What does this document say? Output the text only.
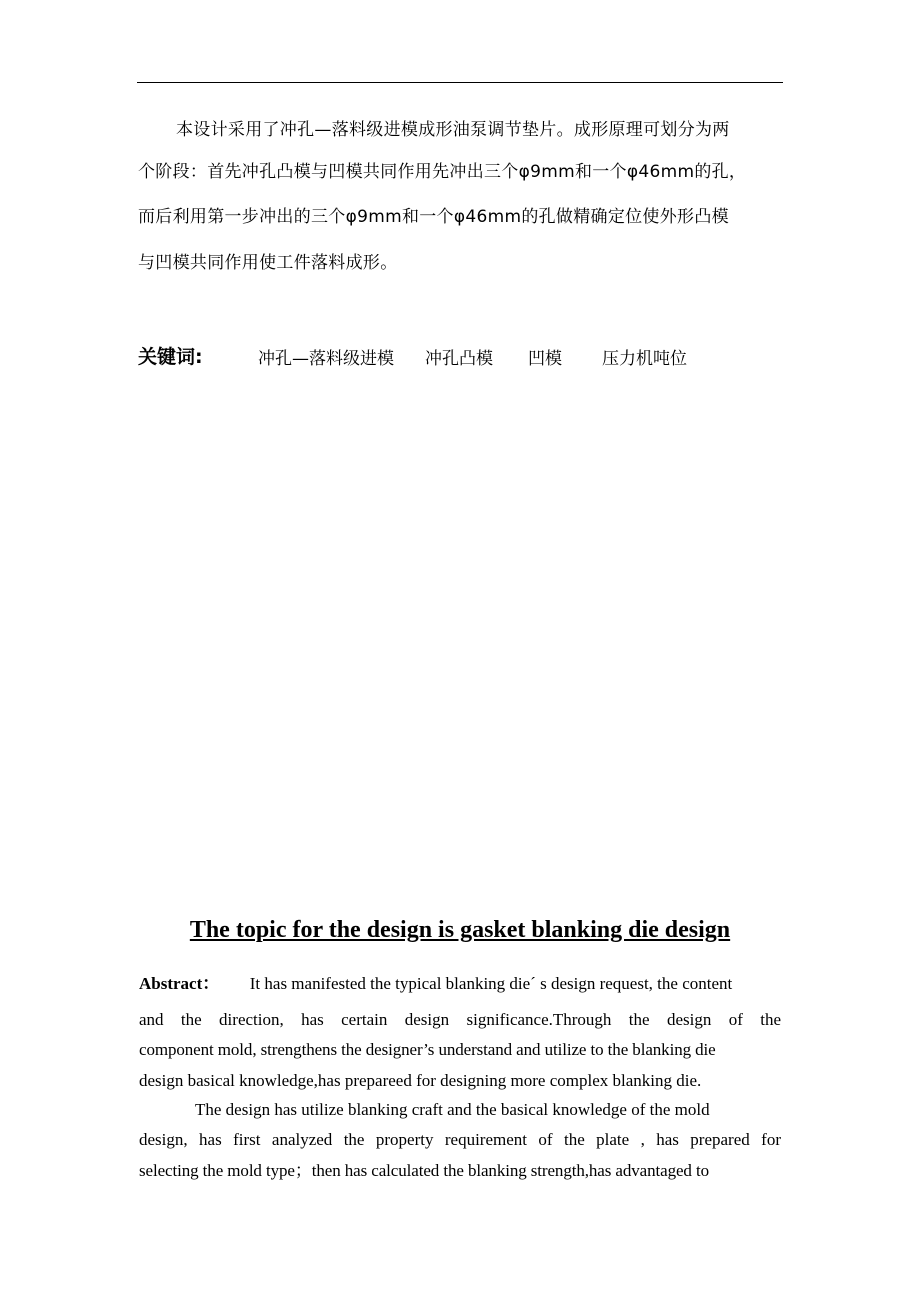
本设计采用了冲孔—落料级进模成形油泵调节垫片。成形原理可划分为两
个阶段：首先冲孔凸模与凹模共同作用先冲出三个φ9mm和一个φ46mm的孔，
而后利用第一步冲出的三个φ9mm和一个φ46mm的孔做精确定位使外形凸模
与凹模共同作用使工件落料成形。
关键词:	冲孔—落料级进模 冲孔凸模 凹模 压力机吨位
The topic for the design is gasket blanking die design
Abstract： It has manifested the typical blanking dieˊ s design request, the content
and the direction, has certain design significance.Through the design of the
component mold, strengthens the designer’s understand and utilize to the blanking die
design basical knowledge,has prepareed for designing more complex blanking die.
The design has utilize blanking craft and the basical knowledge of the mold
design, has first analyzed the property requirement of the plate , has prepared for
selecting the mold type；then has calculated the blanking strength,has advantaged to
